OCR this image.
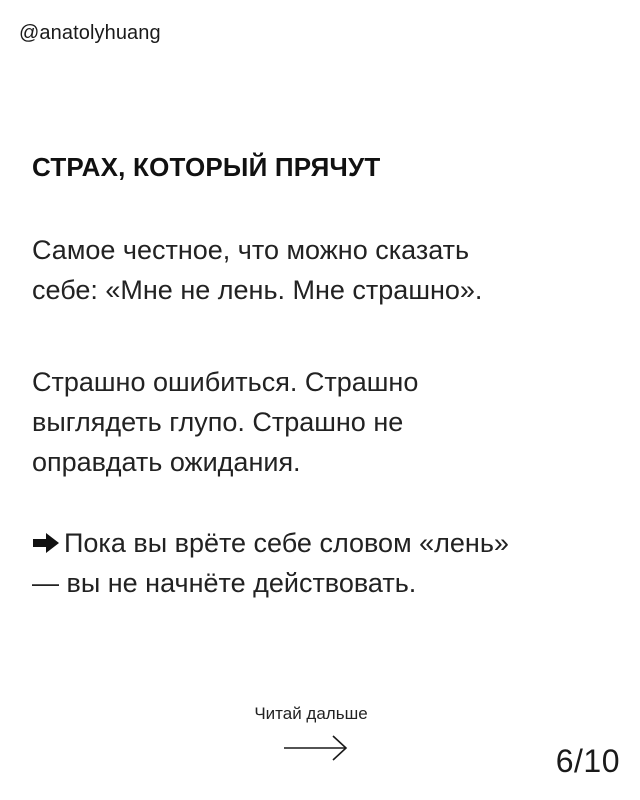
@anatolyhuang
СТРАХ, КОТОРЫЙ ПРЯЧУТ
Самое честное, что можно сказать
себе: «Мне не лень. Мне страшно».
Страшно ошибиться. Страшно
выглядеть глупо. Страшно не
оправдать ожидания.
Пока вы врёте себе словом «лень»
— вы не начнёте действовать.
Читай дальше
6/10
